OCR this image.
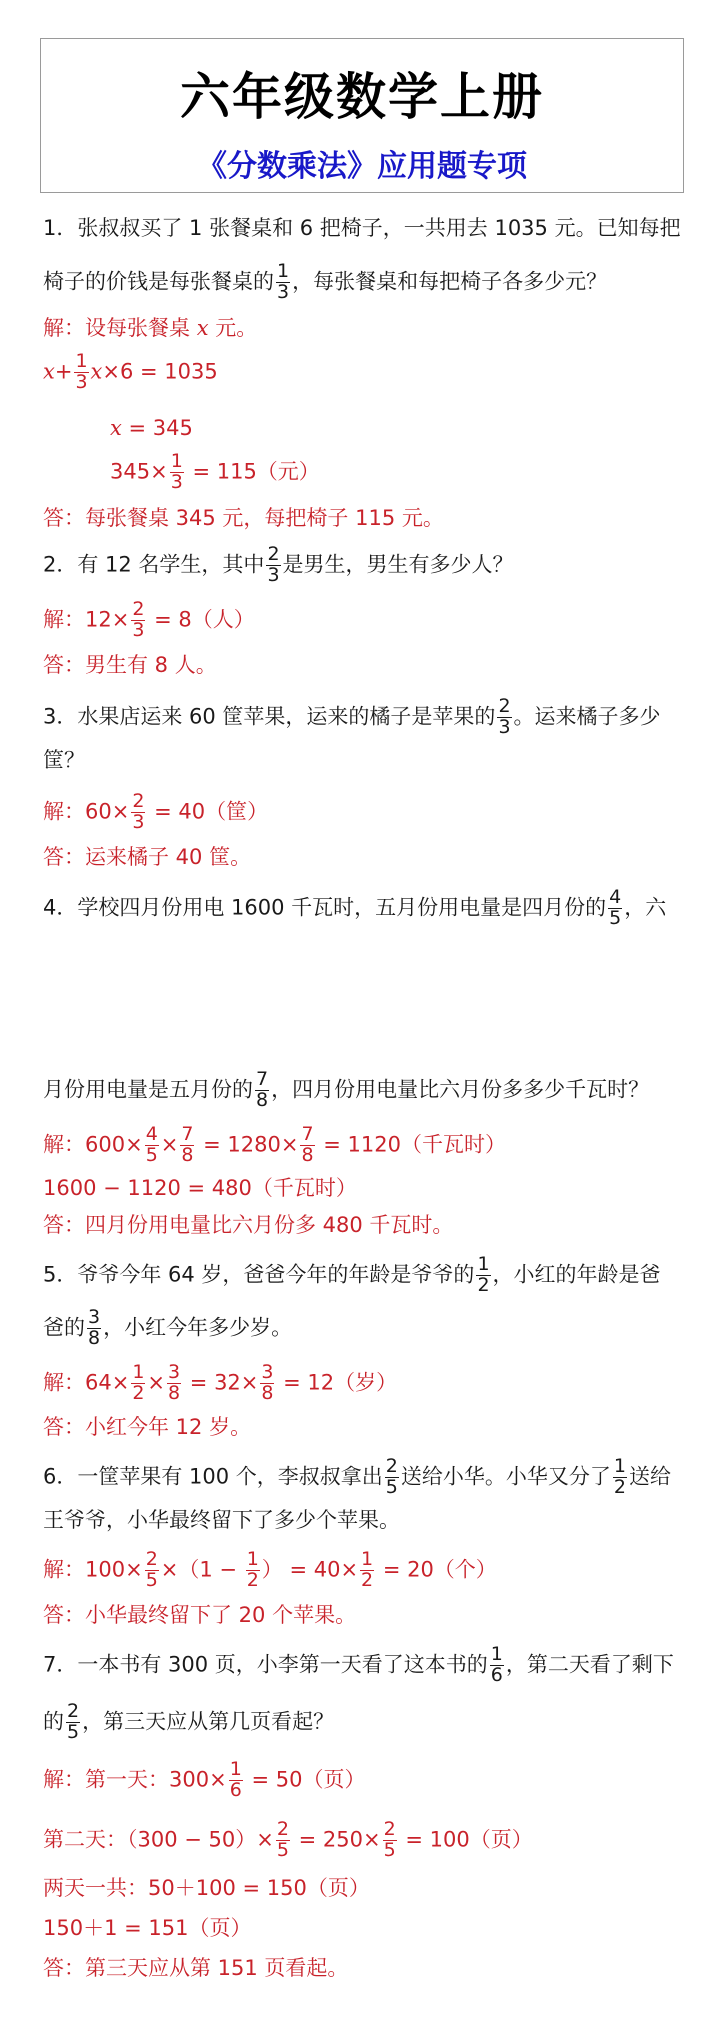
六年级数学上册
《分数乘法》应用题专项
1．张叔叔买了 1 张餐桌和 6 把椅子，一共用去 1035 元。已知每把
椅子的价钱是每张餐桌的 $\frac{1}{3}$ ，每张餐桌和每把椅子各多少元？
解：设每张餐桌 x 元。
$x+ \frac{1}{3} x\times 6 = 1035$
x = 345
$345\times \frac{1}{3} = 115$（元）
答：每张餐桌 345 元，每把椅子 115 元。
2．有 12 名学生，其中 $\frac{2}{3}$ 是男生，男生有多少人？
解：$12\times \frac{2}{3} = 8$（人）
答：男生有 8 人。
3．水果店运来 60 筐苹果，运来的橘子是苹果的 $\frac{2}{3}$ 。运来橘子多少
筐？
解：$60\times \frac{2}{3} = 40$（筐）
答：运来橘子 40 筐。
4．学校四月份用电 1600 千瓦时，五月份用电量是四月份的 $\frac{4}{5}$ ，六
月份用电量是五月份的 $\frac{7}{8}$ ，四月份用电量比六月份多多少千瓦时？
解：$600\times \frac{4}{5} \times \frac{7}{8} = 1280\times \frac{7}{8} = 1120$（千瓦时）
1600 − 1120 = 480（千瓦时）
答：四月份用电量比六月份多 480 千瓦时。
5．爷爷今年 64 岁，爸爸今年的年龄是爷爷的 $\frac{1}{2}$ ，小红的年龄是爸
爸的 $\frac{3}{8}$ ，小红今年多少岁。
解：$64\times \frac{1}{2} \times \frac{3}{8} = 32\times \frac{3}{8} = 12$（岁）
答：小红今年 12 岁。
6．一筐苹果有 100 个，李叔叔拿出 $\frac{2}{5}$ 送给小华。小华又分了 $\frac{1}{2}$ 送给
王爷爷，小华最终留下了多少个苹果。
解：$100\times \frac{2}{5} \times(1 - \frac{1}{2}$ ） = $40\times \frac{1}{2} = 20$（个）
答：小华最终留下了 20 个苹果。
7．一本书有 300 页，小李第一天看了这本书的 $\frac{1}{6}$ ，第二天看了剩下
的 $\frac{2}{5}$ ，第三天应从第几页看起？
解：第一天：$300\times \frac{1}{6} = 50$（页）
第二天：$(300 - 50)\times \frac{2}{5} = 250\times \frac{2}{5} = 100$（页）
两天一共：50＋100 = 150（页）
150＋1 = 151（页）
答：第三天应从第 151 页看起。
